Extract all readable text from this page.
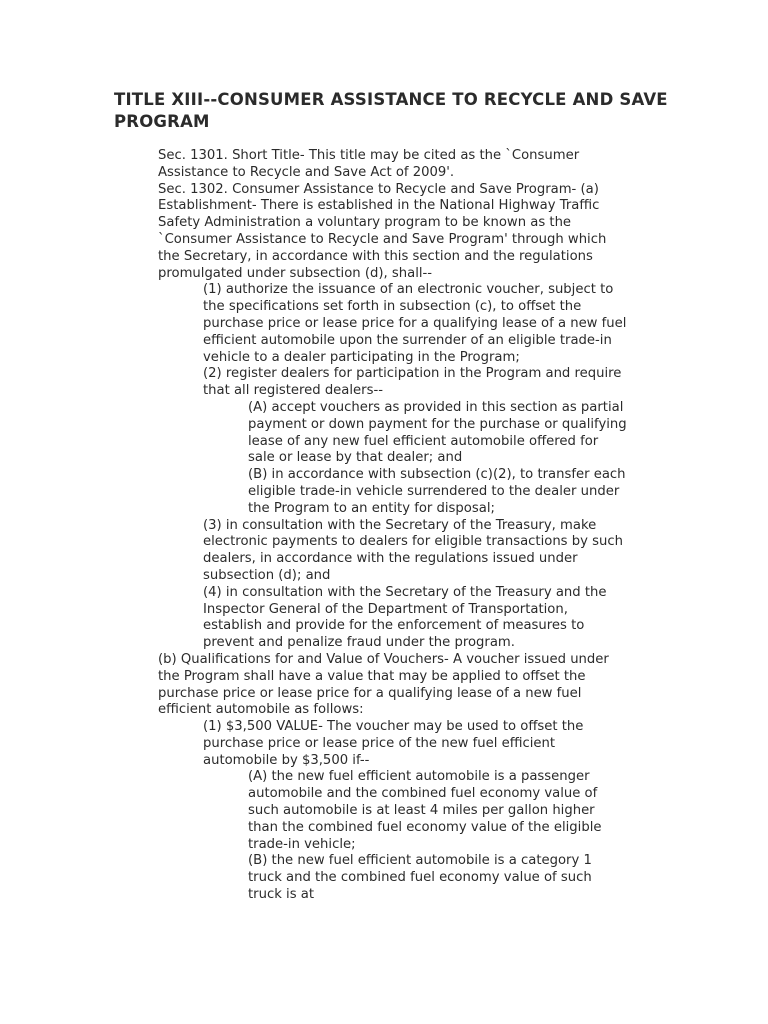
TITLE XIII--CONSUMER ASSISTANCE TO RECYCLE AND SAVE PROGRAM

Sec. 1301. Short Title- This title may be cited as the `Consumer Assistance to Recycle and Save Act of 2009'.

Sec. 1302. Consumer Assistance to Recycle and Save Program- (a) Establishment- There is established in the National Highway Traffic Safety Administration a voluntary program to be known as the `Consumer Assistance to Recycle and Save Program' through which the Secretary, in accordance with this section and the regulations promulgated under subsection (d), shall--

(1) authorize the issuance of an electronic voucher, subject to the specifications set forth in subsection (c), to offset the purchase price or lease price for a qualifying lease of a new fuel efficient automobile upon the surrender of an eligible trade-in vehicle to a dealer participating in the Program;

(2) register dealers for participation in the Program and require that all registered dealers--

(A) accept vouchers as provided in this section as partial payment or down payment for the purchase or qualifying lease of any new fuel efficient automobile offered for sale or lease by that dealer; and

(B) in accordance with subsection (c)(2), to transfer each eligible trade-in vehicle surrendered to the dealer under the Program to an entity for disposal;

(3) in consultation with the Secretary of the Treasury, make electronic payments to dealers for eligible transactions by such dealers, in accordance with the regulations issued under subsection (d); and

(4) in consultation with the Secretary of the Treasury and the Inspector General of the Department of Transportation, establish and provide for the enforcement of measures to prevent and penalize fraud under the program.

(b) Qualifications for and Value of Vouchers- A voucher issued under the Program shall have a value that may be applied to offset the purchase price or lease price for a qualifying lease of a new fuel efficient automobile as follows:

(1) $3,500 VALUE- The voucher may be used to offset the purchase price or lease price of the new fuel efficient automobile by $3,500 if--

(A) the new fuel efficient automobile is a passenger automobile and the combined fuel economy value of such automobile is at least 4 miles per gallon higher than the combined fuel economy value of the eligible trade-in vehicle;

(B) the new fuel efficient automobile is a category 1 truck and the combined fuel economy value of such truck is at
